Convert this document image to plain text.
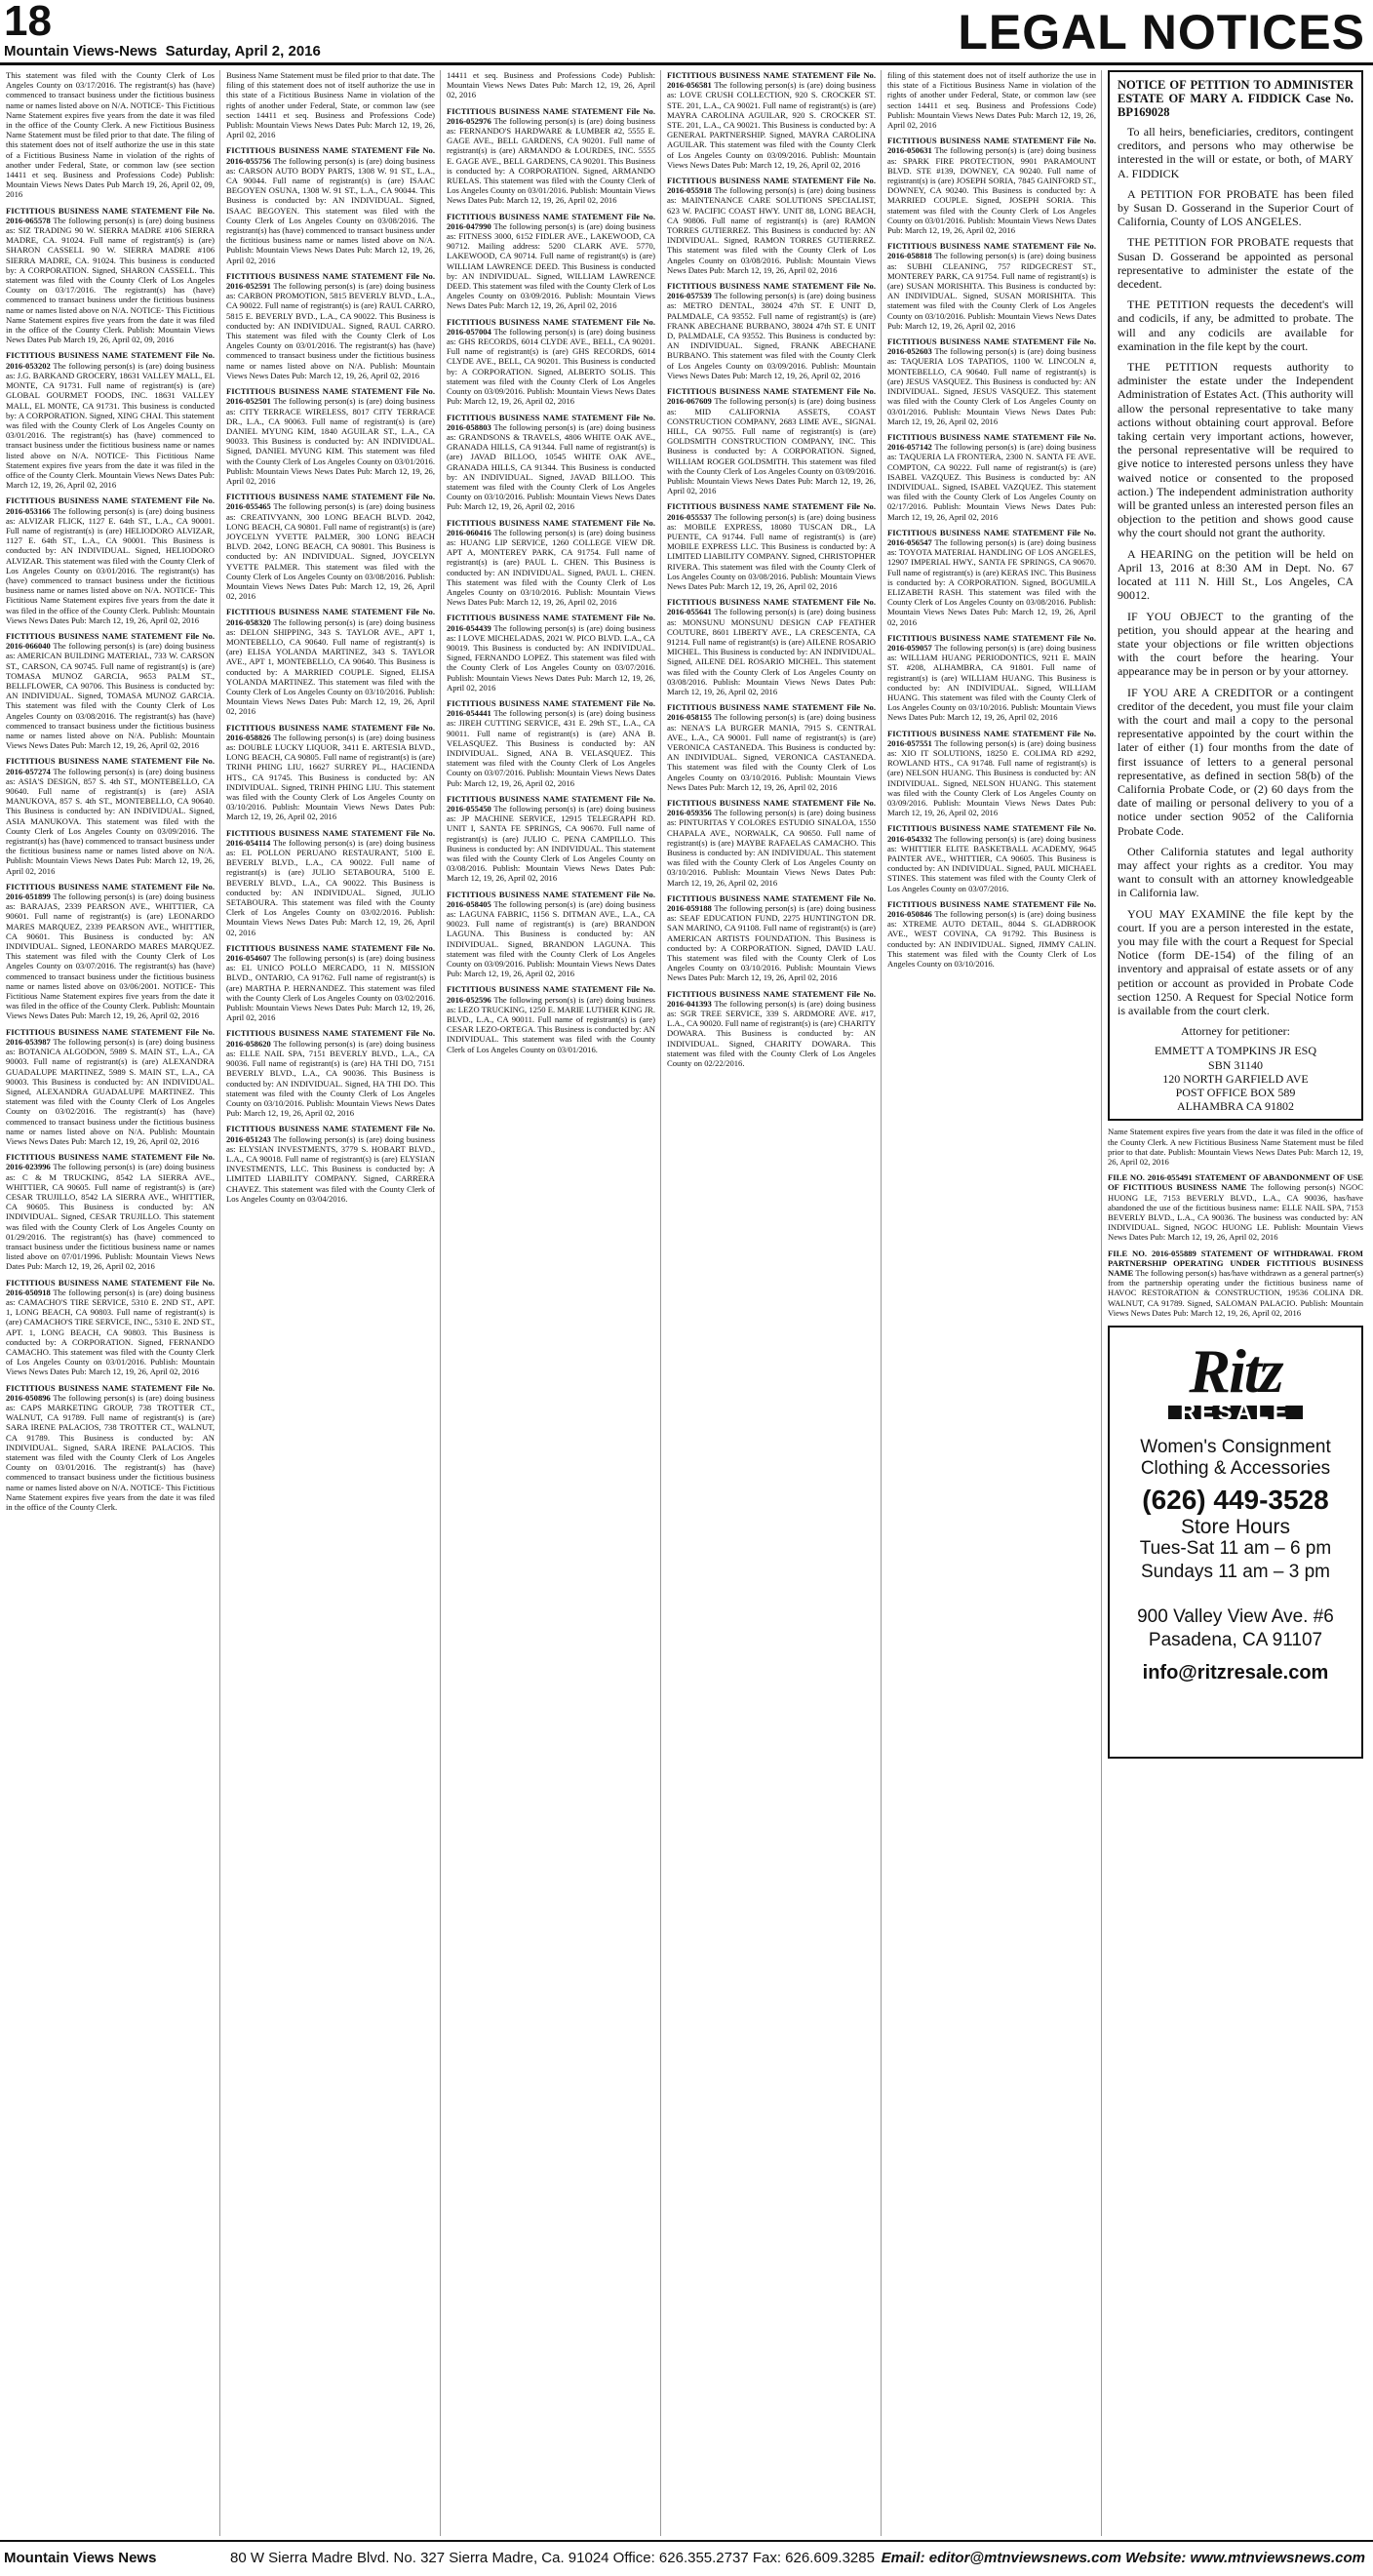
18
Mountain Views-News Saturday, April 2, 2016	LEGAL NOTICES
This statement was filed with the County Clerk of Los Angeles County on 03/17/2016. The registrant(s) has (have) commenced to transact business under the fictitious business name or names listed above on N/A. NOTICE- This Fictitious Name Statement expires five years from the date it was filed in the office of the County Clerk. A new Fictitious Business Name Statement must be filed prior to that date. The filing of this statement does not of itself authorize the use in this state of a Fictitious Business Name in violation of the rights of another under Federal, State, or common law (see section 14411 et seq. Business and Professions Code) Publish: Mountain Views News Dates Pub March 19, 26, April 02, 09, 2016
FICTITIOUS BUSINESS NAME STATEMENT File No. 2016-065578 The following person(s) is (are) doing business as: SIZ TRADING 90 W. SIERRA MADRE #106 SIERRA MADRE, CA. 91024. Full name of registrant(s) is (are) SHARON CASSELL 90 W. SIERRA MADRE #106 SIERRA MADRE, CA. 91024. This business is conducted by: A CORPORATION. Signed, SHARON CASSELL. This statement was filed with the County Clerk of Los Angeles County on 03/17/2016. The registrant(s) has (have) commenced to transact business under the fictitious business name or names listed above on N/A. NOTICE- This Fictitious Name Statement expires five years from the date it was filed in the office of the County Clerk. Publish: Mountain Views News Dates Pub March 19, 26, April 02, 09, 2016
FICTITIOUS BUSINESS NAME STATEMENT File No. 2016-053202 The following person(s) is (are) doing business as: J.G. BARKAND GROCERY, 18631 VALLEY MALL, EL MONTE, CA 91731. Full name of registrant(s) is (are) GLOBAL GOURMET FOODS, INC. 18631 VALLEY MALL, EL MONTE, CA 91731. This business is conducted by: A CORPORATION. Signed, XING CHAI. This statement was filed with the County Clerk of Los Angeles County on 03/01/2016. The registrant(s) has (have) commenced to transact business under the fictitious business name or names listed above on N/A. NOTICE- This Fictitious Name Statement expires five years from the date it was filed in the office of the County Clerk. Mountain Views News Dates Pub: March 12, 19, 26, April 02, 2016
FICTITIOUS BUSINESS NAME STATEMENT File No. 2016-053166 The following person(s) is (are) doing business as: ALVIZAR FLICK, 1127 E. 64th ST., L.A., CA 90001. Full name of registrant(s) is (are) HELIODORO ALVIZAR, 1127 E. 64th ST., L.A., CA 90001. This Business is conducted by: AN INDIVIDUAL. Signed, HELIODORO ALVIZAR. This statement was filed with the County Clerk of Los Angeles County on 03/01/2016. The registrant(s) has (have) commenced to transact business under the fictitious business name or names listed above on N/A. NOTICE- This Fictitious Name Statement expires five years from the date it was filed in the office of the County Clerk. Publish: Mountain Views News Dates Pub: March 12, 19, 26, April 02, 2016
FICTITIOUS BUSINESS NAME STATEMENT File No. 2016-066040 The following person(s) is (are) doing business as: AMERICAN BUILDING MATERIAL, 733 W. CARSON ST., CARSON, CA 90745. Full name of registrant(s) is (are) TOMASA MUNOZ GARCIA, 9653 PALM ST., BELLFLOWER, CA 90706. This Business is conducted by: AN INDIVIDUAL. Signed, TOMASA MUNOZ GARCIA. This statement was filed with the County Clerk of Los Angeles County on 03/08/2016. The registrant(s) has (have) commenced to transact business under the fictitious business name or names listed above on N/A. Publish: Mountain Views News Dates Pub: March 12, 19, 26, April 02, 2016
FICTITIOUS BUSINESS NAME STATEMENT File No. 2016-057274 The following person(s) is (are) doing business as: ASIA'S DESIGN, 857 S. 4th ST., MONTEBELLO, CA 90640. Full name of registrant(s) is (are) ASIA MANUKOVA, 857 S. 4th ST., MONTEBELLO, CA 90640. This Business is conducted by: AN INDIVIDUAL. Signed, ASIA MANUKOVA. This statement was filed with the County Clerk of Los Angeles County on 03/09/2016. The registrant(s) has (have) commenced to transact business under the fictitious business name or names listed above on N/A. Publish: Mountain Views News Dates Pub: March 12, 19, 26, April 02, 2016
FICTITIOUS BUSINESS NAME STATEMENT File No. 2016-051899 The following person(s) is (are) doing business as: BARAJAS, 2339 PEARSON AVE., WHITTIER, CA 90601. Full name of registrant(s) is (are) LEONARDO MARES MARQUEZ, 2339 PEARSON AVE., WHITTIER, CA 90601. This Business is conducted by: AN INDIVIDUAL. Signed, LEONARDO MARES MARQUEZ. This statement was filed with the County Clerk of Los Angeles County on 03/07/2016. The registrant(s) has (have) commenced to transact business under the fictitious business name or names listed above on 03/06/2001. NOTICE- This Fictitious Name Statement expires five years from the date it was filed in the office of the County Clerk. Publish: Mountain Views News Dates Pub: March 12, 19, 26, April 02, 2016
FICTITIOUS BUSINESS NAME STATEMENT File No. 2016-053987 The following person(s) is (are) doing business as: BOTANICA ALGODON, 5989 S. MAIN ST., L.A., CA 90003. Full name of registrant(s) is (are) ALEXANDRA GUADALUPE MARTINEZ, 5989 S. MAIN ST., L.A., CA 90003. This Business is conducted by: AN INDIVIDUAL. Signed, ALEXANDRA GUADALUPE MARTINEZ. This statement was filed with the County Clerk of Los Angeles County on 03/02/2016. The registrant(s) has (have) commenced to transact business under the fictitious business name or names listed above on N/A. Publish: Mountain Views News Dates Pub: March 12, 19, 26, April 02, 2016
FICTITIOUS BUSINESS NAME STATEMENT File No. 2016-023996 The following person(s) is (are) doing business as: C & M TRUCKING, 8542 LA SIERRA AVE., WHITTIER, CA 90605. Full name of registrant(s) is (are) CESAR TRUJILLO, 8542 LA SIERRA AVE., WHITTIER, CA 90605. This Business is conducted by: AN INDIVIDUAL. Signed, CESAR TRUJILLO. This statement was filed with the County Clerk of Los Angeles County on 01/29/2016. The registrant(s) has (have) commenced to transact business under the fictitious business name or names listed above on 07/01/1996. Publish: Mountain Views News Dates Pub: March 12, 19, 26, April 02, 2016
FICTITIOUS BUSINESS NAME STATEMENT File No. 2016-050918 The following person(s) is (are) doing business as: CAMACHO'S TIRE SERVICE, 5310 E. 2ND ST., APT. 1, LONG BEACH, CA 90803. Full name of registrant(s) is (are) CAMACHO'S TIRE SERVICE, INC., 5310 E. 2ND ST., APT. 1, LONG BEACH, CA 90803. This Business is conducted by: A CORPORATION. Signed, FERNANDO CAMACHO. This statement was filed with the County Clerk of Los Angeles County on 03/01/2016. Publish: Mountain Views News Dates Pub: March 12, 19, 26, April 02, 2016
FICTITIOUS BUSINESS NAME STATEMENT File No. 2016-050896 The following person(s) is (are) doing business as: CAPS MARKETING GROUP, 738 TROTTER CT., WALNUT, CA 91789. Full name of registrant(s) is (are) SARA IRENE PALACIOS, 738 TROTTER CT., WALNUT, CA 91789. This Business is conducted by: AN INDIVIDUAL. Signed, SARA IRENE PALACIOS. This statement was filed with the County Clerk of Los Angeles County on 03/01/2016. The registrant(s) has (have) commenced to transact business under the fictitious business name or names listed above on N/A. NOTICE- This Fictitious Name Statement expires five years from the date it was filed in the office of the County Clerk.
Business Name Statement must be filed prior to that date. The filing of this statement does not of itself authorize the use in this state of a Fictitious Business Name in violation of the rights of another under Federal, State, or common law (see section 14411 et seq. Business and Professions Code) Publish: Mountain Views News Dates Pub: March 12, 19, 26, April 02, 2016
FICTITIOUS BUSINESS NAME STATEMENT File No. 2016-055756 The following person(s) is (are) doing business as: CARSON AUTO BODY PARTS, 1308 W. 91 ST., L.A., CA 90044. Full name of registrant(s) is (are) ISAAC BEGOYEN OSUNA, 1308 W. 91 ST., L.A., CA 90044. This Business is conducted by: AN INDIVIDUAL. Signed, ISAAC BEGOYEN. This statement was filed with the County Clerk of Los Angeles County on 03/08/2016. The registrant(s) has (have) commenced to transact business under the fictitious business name or names listed above on N/A. Publish: Mountain Views News Dates Pub: March 12, 19, 26, April 02, 2016
FICTITIOUS BUSINESS NAME STATEMENT File No. 2016-052591 The following person(s) is (are) doing business as: CARBON PROMOTION, 5815 BEVERLY BLVD., L.A., CA 90022. Full name of registrant(s) is (are) RAUL CARRO, 5815 E. BEVERLY BVD., L.A., CA 90022. This Business is conducted by: AN INDIVIDUAL. Signed, RAUL CARRO. This statement was filed with the County Clerk of Los Angeles County on 03/01/2016. The registrant(s) has (have) commenced to transact business under the fictitious business name or names listed above on N/A. Publish: Mountain Views News Dates Pub: March 12, 19, 26, April 02, 2016
FICTITIOUS BUSINESS NAME STATEMENT File No. 2016-052501 The following person(s) is (are) doing business as: CITY TERRACE WIRELESS, 8017 CITY TERRACE DR., L.A., CA 90063. Full name of registrant(s) is (are) DANIEL MYUNG KIM, 1840 AGUILAR ST., L.A., CA 90033. This Business is conducted by: AN INDIVIDUAL. Signed, DANIEL MYUNG KIM. This statement was filed with the County Clerk of Los Angeles County on 03/01/2016. Publish: Mountain Views News Dates Pub: March 12, 19, 26, April 02, 2016
FICTITIOUS BUSINESS NAME STATEMENT File No. 2016-055465 The following person(s) is (are) doing business as: CREATIVYANN, 300 LONG BEACH BLVD. 2042, LONG BEACH, CA 90801. Full name of registrant(s) is (are) JOYCELYN YVETTE PALMER, 300 LONG BEACH BLVD. 2042, LONG BEACH, CA 90801. This Business is conducted by: AN INDIVIDUAL. Signed, JOYCELYN YVETTE PALMER. This statement was filed with the County Clerk of Los Angeles County on 03/08/2016. Publish: Mountain Views News Dates Pub: March 12, 19, 26, April 02, 2016
FICTITIOUS BUSINESS NAME STATEMENT File No. 2016-058320 The following person(s) is (are) doing business as: DELON SHIPPING, 343 S. TAYLOR AVE., APT 1, MONTEBELLO, CA 90640. Full name of registrant(s) is (are) ELISA YOLANDA MARTINEZ, 343 S. TAYLOR AVE., APT 1, MONTEBELLO, CA 90640. This Business is conducted by: A MARRIED COUPLE. Signed, ELISA YOLANDA MARTINEZ. This statement was filed with the County Clerk of Los Angeles County on 03/10/2016. Publish: Mountain Views News Dates Pub: March 12, 19, 26, April 02, 2016
FICTITIOUS BUSINESS NAME STATEMENT File No. 2016-058826 The following person(s) is (are) doing business as: DOUBLE LUCKY LIQUOR, 3411 E. ARTESIA BLVD., LONG BEACH, CA 90805. Full name of registrant(s) is (are) TRINH PHING LIU, 16627 SURREY PL., HACIENDA HTS., CA 91745. This Business is conducted by: AN INDIVIDUAL. Signed, TRINH PHING LIU. This statement was filed with the County Clerk of Los Angeles County on 03/10/2016. Publish: Mountain Views News Dates Pub: March 12, 19, 26, April 02, 2016
FICTITIOUS BUSINESS NAME STATEMENT File No. 2016-054114 The following person(s) is (are) doing business as: EL POLLON PERUANO RESTAURANT, 5100 E. BEVERLY BLVD., L.A., CA 90022. Full name of registrant(s) is (are) JULIO SETABOURA, 5100 E. BEVERLY BLVD., L.A., CA 90022. This Business is conducted by: AN INDIVIDUAL. Signed, JULIO SETABOURA. This statement was filed with the County Clerk of Los Angeles County on 03/02/2016. Publish: Mountain Views News Dates Pub: March 12, 19, 26, April 02, 2016
FICTITIOUS BUSINESS NAME STATEMENT File No. 2016-054607 The following person(s) is (are) doing business as: EL UNICO POLLO MERCADO, 11 N. MISSION BLVD., ONTARIO, CA 91762. Full name of registrant(s) is (are) MARTHA P. HERNANDEZ. This statement was filed with the County Clerk of Los Angeles County on 03/02/2016. Publish: Mountain Views News Dates Pub: March 12, 19, 26, April 02, 2016
FICTITIOUS BUSINESS NAME STATEMENT File No. 2016-058620 The following person(s) is (are) doing business as: ELLE NAIL SPA, 7151 BEVERLY BLVD., L.A., CA 90036. Full name of registrant(s) is (are) HA THI DO, 7151 BEVERLY BLVD., L.A., CA 90036. This Business is conducted by: AN INDIVIDUAL. Signed, HA THI DO. This statement was filed with the County Clerk of Los Angeles County on 03/10/2016. Publish: Mountain Views News Dates Pub: March 12, 19, 26, April 02, 2016
FICTITIOUS BUSINESS NAME STATEMENT File No. 2016-051243 The following person(s) is (are) doing business as: ELYSIAN INVESTMENTS, 3779 S. HOBART BLVD., L.A., CA 90018. Full name of registrant(s) is (are) ELYSIAN INVESTMENTS, LLC. This Business is conducted by: A LIMITED LIABILITY COMPANY. Signed, CARRERA CHAVEZ. This statement was filed with the County Clerk of Los Angeles County on 03/04/2016.
14411 et seq. Business and Professions Code) Publish: Mountain Views News Dates Pub: March 12, 19, 26, April 02, 2016
FICTITIOUS BUSINESS NAME STATEMENT File No. 2016-052976 The following person(s) is (are) doing business as: FERNANDO'S HARDWARE & LUMBER #2, 5555 E. GAGE AVE., BELL GARDENS, CA 90201. Full name of registrant(s) is (are) ARMANDO & LOURDES, INC. 5555 E. GAGE AVE., BELL GARDENS, CA 90201. This Business is conducted by: A CORPORATION. Signed, ARMANDO RUELAS. This statement was filed with the County Clerk of Los Angeles County on 03/01/2016. Publish: Mountain Views News Dates Pub: March 12, 19, 26, April 02, 2016
FICTITIOUS BUSINESS NAME STATEMENT File No. 2016-047990 The following person(s) is (are) doing business as: FITNESS 3000, 6152 FIDLER AVE., LAKEWOOD, CA 90712. Mailing address: 5200 CLARK AVE. 5770, LAKEWOOD, CA 90714. Full name of registrant(s) is (are) WILLIAM LAWRENCE DEED. This Business is conducted by: AN INDIVIDUAL. Signed, WILLIAM LAWRENCE DEED. This statement was filed with the County Clerk of Los Angeles County on 03/09/2016. Publish: Mountain Views News Dates Pub: March 12, 19, 26, April 02, 2016
FICTITIOUS BUSINESS NAME STATEMENT File No. 2016-057004 The following person(s) is (are) doing business as: GHS RECORDS, 6014 CLYDE AVE., BELL, CA 90201. Full name of registrant(s) is (are) GHS RECORDS, 6014 CLYDE AVE., BELL, CA 90201. This Business is conducted by: A CORPORATION. Signed, ALBERTO SOLIS. This statement was filed with the County Clerk of Los Angeles County on 03/09/2016. Publish: Mountain Views News Dates Pub: March 12, 19, 26, April 02, 2016
FICTITIOUS BUSINESS NAME STATEMENT File No. 2016-058803 The following person(s) is (are) doing business as: GRANDSONS & TRAVELS, 4806 WHITE OAK AVE., GRANADA HILLS, CA 91344. Full name of registrant(s) is (are) JAVAD BILLOO, 10545 WHITE OAK AVE., GRANADA HILLS, CA 91344. This Business is conducted by: AN INDIVIDUAL. Signed, JAVAD BILLOO. This statement was filed with the County Clerk of Los Angeles County on 03/10/2016. Publish: Mountain Views News Dates Pub: March 12, 19, 26, April 02, 2016
FICTITIOUS BUSINESS NAME STATEMENT File No. 2016-060416 The following person(s) is (are) doing business as: HUANG LIP SERVICE, 1260 COLLEGE VIEW DR. APT A, MONTEREY PARK, CA 91754. Full name of registrant(s) is (are) PAUL L. CHEN. This Business is conducted by: AN INDIVIDUAL. Signed, PAUL L. CHEN. This statement was filed with the County Clerk of Los Angeles County on 03/10/2016. Publish: Mountain Views News Dates Pub: March 12, 19, 26, April 02, 2016
FICTITIOUS BUSINESS NAME STATEMENT File No. 2016-054439 The following person(s) is (are) doing business as: I LOVE MICHELADAS, 2021 W. PICO BLVD. L.A., CA 90019. This Business is conducted by: AN INDIVIDUAL. Signed, FERNANDO LOPEZ. This statement was filed with the County Clerk of Los Angeles County on 03/07/2016. Publish: Mountain Views News Dates Pub: March 12, 19, 26, April 02, 2016
FICTITIOUS BUSINESS NAME STATEMENT File No. 2016-054441 The following person(s) is (are) doing business as: JIREH CUTTING SERVICE, 431 E. 29th ST., L.A., CA 90011. Full name of registrant(s) is (are) ANA B. VELASQUEZ. This Business is conducted by: AN INDIVIDUAL. Signed, ANA B. VELASQUEZ. This statement was filed with the County Clerk of Los Angeles County on 03/07/2016. Publish: Mountain Views News Dates Pub: March 12, 19, 26, April 02, 2016
FICTITIOUS BUSINESS NAME STATEMENT File No. 2016-055450 The following person(s) is (are) doing business as: JP MACHINE SERVICE, 12915 TELEGRAPH RD. UNIT I, SANTA FE SPRINGS, CA 90670. Full name of registrant(s) is (are) JULIO C. PENA CAMPILLO. This Business is conducted by: AN INDIVIDUAL. This statement was filed with the County Clerk of Los Angeles County on 03/08/2016. Publish: Mountain Views News Dates Pub: March 12, 19, 26, April 02, 2016
FICTITIOUS BUSINESS NAME STATEMENT File No. 2016-058405 The following person(s) is (are) doing business as: LAGUNA FABRIC, 1156 S. DITMAN AVE., L.A., CA 90023. Full name of registrant(s) is (are) BRANDON LAGUNA. This Business is conducted by: AN INDIVIDUAL. Signed, BRANDON LAGUNA. This statement was filed with the County Clerk of Los Angeles County on 03/09/2016. Publish: Mountain Views News Dates Pub: March 12, 19, 26, April 02, 2016
FICTITIOUS BUSINESS NAME STATEMENT File No. 2016-052596 The following person(s) is (are) doing business as: LEZO TRUCKING, 1250 E. MARIE LUTHER KING JR. BLVD., L.A., CA 90011. Full name of registrant(s) is (are) CESAR LEZO-ORTEGA. This Business is conducted by: AN INDIVIDUAL. This statement was filed with the County Clerk of Los Angeles County on 03/01/2016.
FICTITIOUS BUSINESS NAME STATEMENT File No. 2016-056581 The following person(s) is (are) doing business as: LOVE CRUSH COLLECTION, 920 S. CROCKER ST. STE. 201, L.A., CA 90021. Full name of registrant(s) is (are) MAYRA CAROLINA AGUILAR, 920 S. CROCKER ST. STE. 201, L.A., CA 90021. This Business is conducted by: A GENERAL PARTNERSHIP. Signed, MAYRA CAROLINA AGUILAR. This statement was filed with the County Clerk of Los Angeles County on 03/09/2016. Publish: Mountain Views News Dates Pub: March 12, 19, 26, April 02, 2016
FICTITIOUS BUSINESS NAME STATEMENT File No. 2016-055918 The following person(s) is (are) doing business as: MAINTENANCE CARE SOLUTIONS SPECIALIST, 623 W. PACIFIC COAST HWY. UNIT 88, LONG BEACH, CA 90806. Full name of registrant(s) is (are) RAMON TORRES GUTIERREZ. This Business is conducted by: AN INDIVIDUAL. Signed, RAMON TORRES GUTIERREZ. This statement was filed with the County Clerk of Los Angeles County on 03/08/2016. Publish: Mountain Views News Dates Pub: March 12, 19, 26, April 02, 2016
FICTITIOUS BUSINESS NAME STATEMENT File No. 2016-057539 The following person(s) is (are) doing business as: METRO DENTAL, 38024 47th ST. E UNIT D, PALMDALE, CA 93552. Full name of registrant(s) is (are) FRANK ABECHANE BURBANO, 38024 47th ST. E UNIT D, PALMDALE, CA 93552. This Business is conducted by: AN INDIVIDUAL. Signed, FRANK ABECHANE BURBANO. This statement was filed with the County Clerk of Los Angeles County on 03/09/2016. Publish: Mountain Views News Dates Pub: March 12, 19, 26, April 02, 2016
FICTITIOUS BUSINESS NAME STATEMENT File No. 2016-067609 The following person(s) is (are) doing business as: MID CALIFORNIA ASSETS, COAST CONSTRUCTION COMPANY, 2683 LIME AVE., SIGNAL HILL, CA 90755. Full name of registrant(s) is (are) GOLDSMITH CONSTRUCTION COMPANY, INC. This Business is conducted by: A CORPORATION. Signed, WILLIAM ROGER GOLDSMITH. This statement was filed with the County Clerk of Los Angeles County on 03/09/2016. Publish: Mountain Views News Dates Pub: March 12, 19, 26, April 02, 2016
FICTITIOUS BUSINESS NAME STATEMENT File No. 2016-055537 The following person(s) is (are) doing business as: MOBILE EXPRESS, 18080 TUSCAN DR., LA PUENTE, CA 91744. Full name of registrant(s) is (are) MOBILE EXPRESS LLC. This Business is conducted by: A LIMITED LIABILITY COMPANY. Signed, CHRISTOPHER RIVERA. This statement was filed with the County Clerk of Los Angeles County on 03/08/2016. Publish: Mountain Views News Dates Pub: March 12, 19, 26, April 02, 2016
FICTITIOUS BUSINESS NAME STATEMENT File No. 2016-055641 The following person(s) is (are) doing business as: MONSUNU MONSUNU DESIGN CAP FEATHER COUTURE, 8601 LIBERTY AVE., LA CRESCENTA, CA 91214. Full name of registrant(s) is (are) AILENE ROSARIO MICHEL. This Business is conducted by: AN INDIVIDUAL. Signed, AILENE DEL ROSARIO MICHEL. This statement was filed with the County Clerk of Los Angeles County on 03/08/2016. Publish: Mountain Views News Dates Pub: March 12, 19, 26, April 02, 2016
FICTITIOUS BUSINESS NAME STATEMENT File No. 2016-058155 The following person(s) is (are) doing business as: NENA'S LA BURGER MANIA, 7915 S. CENTRAL AVE., L.A., CA 90001. Full name of registrant(s) is (are) VERONICA CASTANEDA. This Business is conducted by: AN INDIVIDUAL. Signed, VERONICA CASTANEDA. This statement was filed with the County Clerk of Los Angeles County on 03/10/2016. Publish: Mountain Views News Dates Pub: March 12, 19, 26, April 02, 2016
FICTITIOUS BUSINESS NAME STATEMENT File No. 2016-059356 The following person(s) is (are) doing business as: PINTURITAS Y COLORES ESTUDIO SINALOA, 1550 CHAPALA AVE., NORWALK, CA 90650. Full name of registrant(s) is (are) MAYBE RAFAELAS CAMACHO. This Business is conducted by: AN INDIVIDUAL. This statement was filed with the County Clerk of Los Angeles County on 03/10/2016. Publish: Mountain Views News Dates Pub: March 12, 19, 26, April 02, 2016
FICTITIOUS BUSINESS NAME STATEMENT File No. 2016-059188 The following person(s) is (are) doing business as: SEAF EDUCATION FUND, 2275 HUNTINGTON DR. SAN MARINO, CA 91108. Full name of registrant(s) is (are) AMERICAN ARTISTS FOUNDATION. This Business is conducted by: A CORPORATION. Signed, DAVID LAU. This statement was filed with the County Clerk of Los Angeles County on 03/10/2016. Publish: Mountain Views News Dates Pub: March 12, 19, 26, April 02, 2016
FICTITIOUS BUSINESS NAME STATEMENT File No. 2016-041393 The following person(s) is (are) doing business as: SGR TREE SERVICE, 339 S. ARDMORE AVE. #17, L.A., CA 90020. Full name of registrant(s) is (are) CHARITY DOWARA. This Business is conducted by: AN INDIVIDUAL. Signed, CHARITY DOWARA. This statement was filed with the County Clerk of Los Angeles County on 02/22/2016.
filing of this statement does not of itself authorize the use in this state of a Fictitious Business Name in violation of the rights of another under Federal, State, or common law (see section 14411 et seq. Business and Professions Code) Publish: Mountain Views News Dates Pub: March 12, 19, 26, April 02, 2016
FICTITIOUS BUSINESS NAME STATEMENT File No. 2016-050631 The following person(s) is (are) doing business as: SPARK FIRE PROTECTION, 9901 PARAMOUNT BLVD. STE #139, DOWNEY, CA 90240. Full name of registrant(s) is (are) JOSEPH SORIA, 7845 GAINFORD ST., DOWNEY, CA 90240. This Business is conducted by: A MARRIED COUPLE. Signed, JOSEPH SORIA. This statement was filed with the County Clerk of Los Angeles County on 03/01/2016. Publish: Mountain Views News Dates Pub: March 12, 19, 26, April 02, 2016
FICTITIOUS BUSINESS NAME STATEMENT File No. 2016-058818 The following person(s) is (are) doing business as: SUBHI CLEANING, 757 RIDGECREST ST., MONTEREY PARK, CA 91754. Full name of registrant(s) is (are) SUSAN MORISHITA. This Business is conducted by: AN INDIVIDUAL. Signed, SUSAN MORISHITA. This statement was filed with the County Clerk of Los Angeles County on 03/10/2016. Publish: Mountain Views News Dates Pub: March 12, 19, 26, April 02, 2016
FICTITIOUS BUSINESS NAME STATEMENT File No. 2016-052603 The following person(s) is (are) doing business as: TAQUERIA LOS TAPATIOS, 1100 W. LINCOLN #, MONTEBELLO, CA 90640. Full name of registrant(s) is (are) JESUS VASQUEZ. This Business is conducted by: AN INDIVIDUAL. Signed, JESUS VASQUEZ. This statement was filed with the County Clerk of Los Angeles County on 03/01/2016. Publish: Mountain Views News Dates Pub: March 12, 19, 26, April 02, 2016
FICTITIOUS BUSINESS NAME STATEMENT File No. 2016-057142 The following person(s) is (are) doing business as: TAQUERIA LA FRONTERA, 2300 N. SANTA FE AVE. COMPTON, CA 90222. Full name of registrant(s) is (are) ISABEL VAZQUEZ. This Business is conducted by: AN INDIVIDUAL. Signed, ISABEL VAZQUEZ. This statement was filed with the County Clerk of Los Angeles County on 02/17/2016. Publish: Mountain Views News Dates Pub: March 12, 19, 26, April 02, 2016
FICTITIOUS BUSINESS NAME STATEMENT File No. 2016-056547 The following person(s) is (are) doing business as: TOYOTA MATERIAL HANDLING OF LOS ANGELES, 12907 IMPERIAL HWY., SANTA FE SPRINGS, CA 90670. Full name of registrant(s) is (are) KERAS INC. This Business is conducted by: A CORPORATION. Signed, BOGUMILA ELIZABETH RASH. This statement was filed with the County Clerk of Los Angeles County on 03/08/2016. Publish: Mountain Views News Dates Pub: March 12, 19, 26, April 02, 2016
FICTITIOUS BUSINESS NAME STATEMENT File No. 2016-059057 The following person(s) is (are) doing business as: WILLIAM HUANG PERIODONTICS, 9211 E. MAIN ST. #208, ALHAMBRA, CA 91801. Full name of registrant(s) is (are) WILLIAM HUANG. This Business is conducted by: AN INDIVIDUAL. Signed, WILLIAM HUANG. This statement was filed with the County Clerk of Los Angeles County on 03/10/2016. Publish: Mountain Views News Dates Pub: March 12, 19, 26, April 02, 2016
FICTITIOUS BUSINESS NAME STATEMENT File No. 2016-057551 The following person(s) is (are) doing business as: XIO IT SOLUTIONS, 18250 E. COLIMA RD #292, ROWLAND HTS., CA 91748. Full name of registrant(s) is (are) NELSON HUANG. This Business is conducted by: AN INDIVIDUAL. Signed, NELSON HUANG. This statement was filed with the County Clerk of Los Angeles County on 03/09/2016. Publish: Mountain Views News Dates Pub: March 12, 19, 26, April 02, 2016
FICTITIOUS BUSINESS NAME STATEMENT File No. 2016-054332 The following person(s) is (are) doing business as: WHITTIER ELITE BASKETBALL ACADEMY, 9645 PAINTER AVE., WHITTIER, CA 90605. This Business is conducted by: AN INDIVIDUAL. Signed, PAUL MICHAEL STINES. This statement was filed with the County Clerk of Los Angeles County on 03/07/2016.
FICTITIOUS BUSINESS NAME STATEMENT File No. 2016-050846 The following person(s) is (are) doing business as: XTREME AUTO DETAIL, 8044 S. GLADBROOK AVE., WEST COVINA, CA 91792. This Business is conducted by: AN INDIVIDUAL. Signed, JIMMY CALIN. This statement was filed with the County Clerk of Los Angeles County on 03/10/2016.
NOTICE OF PETITION TO ADMINISTER ESTATE OF MARY A. FIDDICK Case No. BP169028

To all heirs, beneficiaries, creditors, contingent creditors, and persons who may otherwise be interested in the will or estate, or both, of MARY A. FIDDICK

A PETITION FOR PROBATE has been filed by Susan D. Gosserand in the Superior Court of California, County of LOS ANGELES.

THE PETITION FOR PROBATE requests that Susan D. Gosserand be appointed as personal representative to administer the estate of the decedent.

THE PETITION requests the decedent's will and codicils, if any, be admitted to probate. The will and any codicils are available for examination in the file kept by the court.

THE PETITION requests authority to administer the estate under the Independent Administration of Estates Act. (This authority will allow the personal representative to take many actions without obtaining court approval. Before taking certain very important actions, however, the personal representative will be required to give notice to interested persons unless they have waived notice or consented to the proposed action.) The independent administration authority will be granted unless an interested person files an objection to the petition and shows good cause why the court should not grant the authority.

A HEARING on the petition will be held on April 13, 2016 at 8:30 AM in Dept. No. 67 located at 111 N. Hill St., Los Angeles, CA 90012.

IF YOU OBJECT to the granting of the petition, you should appear at the hearing and state your objections or file written objections with the court before the hearing. Your appearance may be in person or by your attorney.

IF YOU ARE A CREDITOR or a contingent creditor of the decedent, you must file your claim with the court and mail a copy to the personal representative appointed by the court within the later of either (1) four months from the date of first issuance of letters to a general personal representative, as defined in section 58(b) of the California Probate Code, or (2) 60 days from the date of mailing or personal delivery to you of a notice under section 9052 of the California Probate Code.

Other California statutes and legal authority may affect your rights as a creditor. You may want to consult with an attorney knowledgeable in California law.

YOU MAY EXAMINE the file kept by the court. If you are a person interested in the estate, you may file with the court a Request for Special Notice (form DE-154) of the filing of an inventory and appraisal of estate assets or of any petition or account as provided in Probate Code section 1250. A Request for Special Notice form is available from the court clerk.

Attorney for petitioner:
EMMETT A TOMPKINS JR ESQ
SBN 31140
120 NORTH GARFIELD AVE
POST OFFICE BOX 589
ALHAMBRA CA 91802
Name Statement expires five years from the date it was filed in the office of the County Clerk. A new Fictitious Business Name Statement must be filed prior to that date. Publish: Mountain Views News Dates Pub: March 12, 19, 26, April 02, 2016
FILE NO. 2016-055491 STATEMENT OF ABANDONMENT OF USE OF FICTITIOUS BUSINESS NAME The following person(s) NGOC HUONG LE, 7153 BEVERLY BLVD., L.A., CA 90036, has/have abandoned the use of the fictitious business name: ELLE NAIL SPA, 7153 BEVERLY BLVD., L.A., CA 90036. The business was conducted by: AN INDIVIDUAL. Signed, NGOC HUONG LE. Publish: Mountain Views News Dates Pub: March 12, 19, 26, April 02, 2016
FILE NO. 2016-055889 STATEMENT OF WITHDRAWAL FROM PARTNERSHIP OPERATING UNDER FICTITIOUS BUSINESS NAME The following person(s) has/have withdrawn as a general partner(s) from the partnership operating under the fictitious business name of HAVOC RESTORATION & CONSTRUCTION, 19536 COLINA DR. WALNUT, CA 91789. Signed, SALOMAN PALACIO. Publish: Mountain Views News Dates Pub: March 12, 19, 26, April 02, 2016
Ritz
RESALE
Women's Consignment Clothing & Accessories
(626) 449-3528
Store Hours
Tues-Sat 11 am – 6 pm
Sundays 11 am – 3 pm
900 Valley View Ave. #6
Pasadena, CA 91107
info@ritzresale.com
Mountain Views News	80 W Sierra Madre Blvd. No. 327 Sierra Madre, Ca. 91024 Office: 626.355.2737 Fax: 626.609.3285 Email: editor@mtnviewsnews.com Website: www.mtnviewsnews.com
